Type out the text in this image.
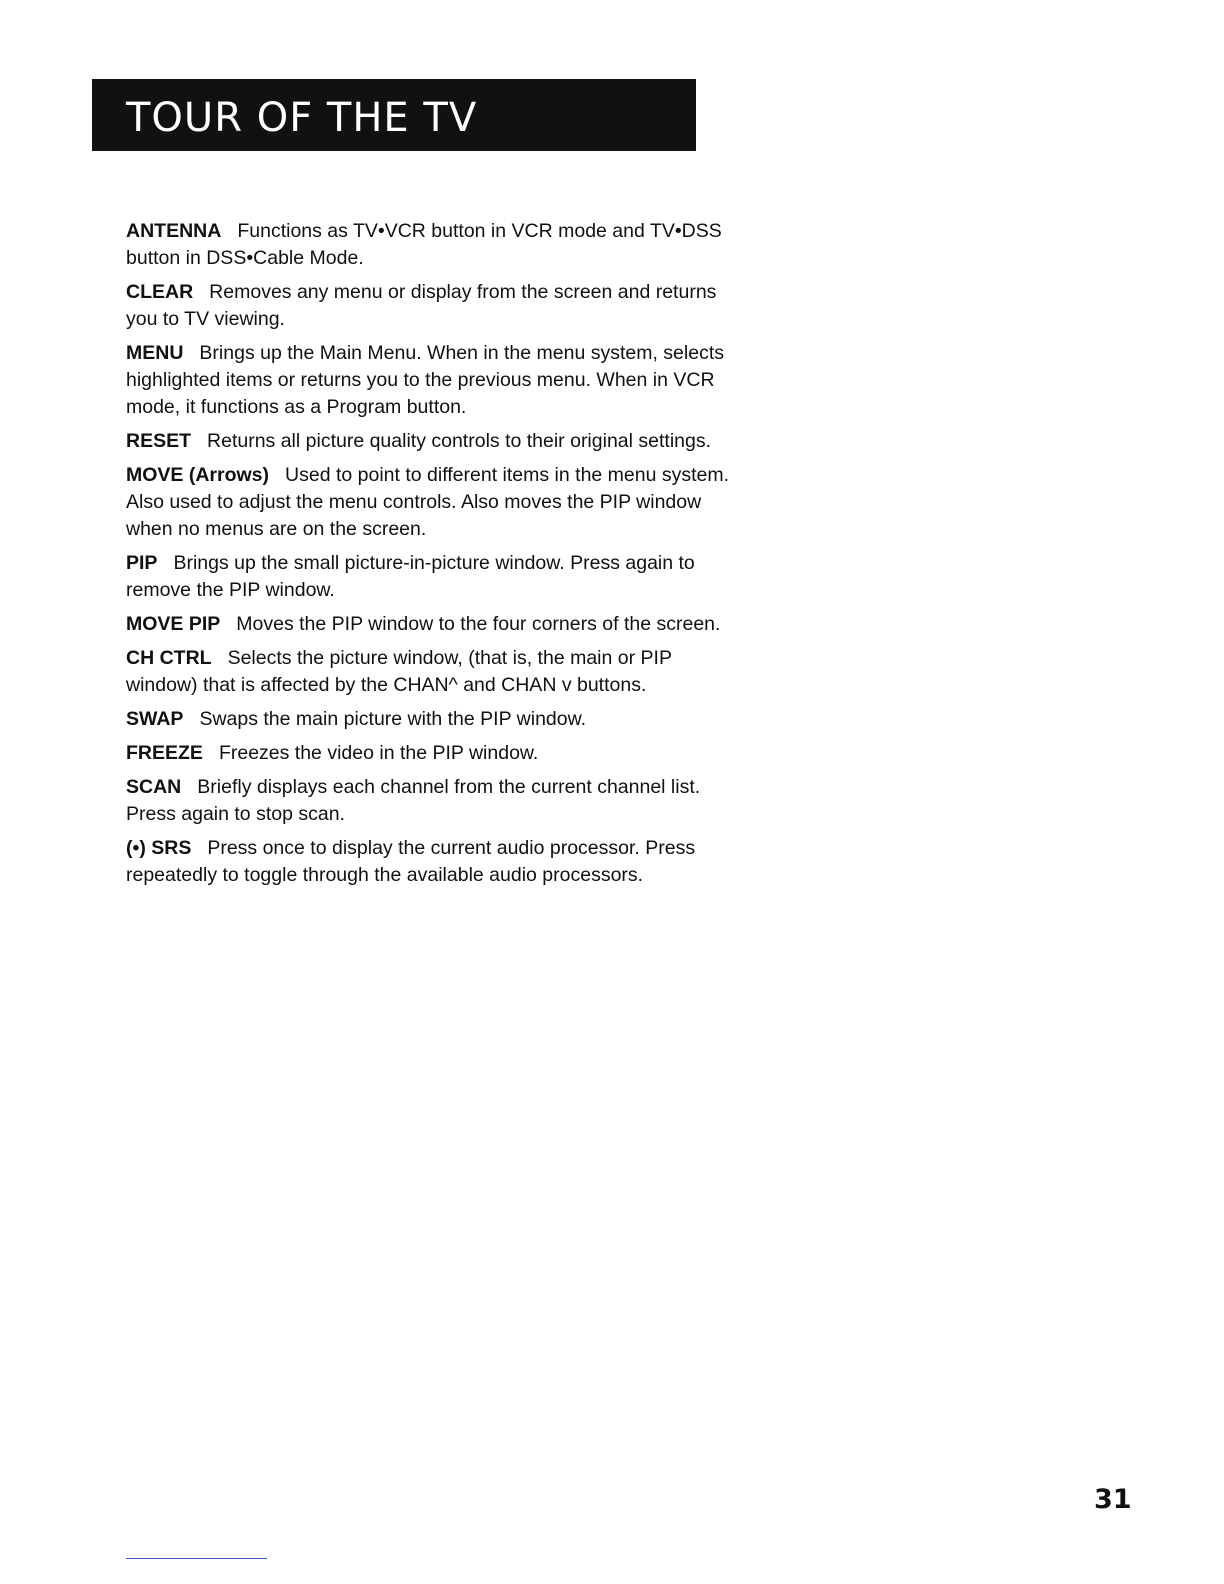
TOUR OF THE TV

ANTENNA Functions as TV•VCR button in VCR mode and TV•DSS button in DSS•Cable Mode.

CLEAR Removes any menu or display from the screen and returns you to TV viewing.

MENU Brings up the Main Menu. When in the menu system, selects highlighted items or returns you to the previous menu. When in VCR mode, it functions as a Program button.

RESET Returns all picture quality controls to their original settings.

MOVE (Arrows) Used to point to different items in the menu system. Also used to adjust the menu controls. Also moves the PIP window when no menus are on the screen.

PIP Brings up the small picture-in-picture window. Press again to remove the PIP window.

MOVE PIP Moves the PIP window to the four corners of the screen.

CH CTRL Selects the picture window, (that is, the main or PIP window) that is affected by the CHAN^ and CHAN v buttons.

SWAP Swaps the main picture with the PIP window.

FREEZE Freezes the video in the PIP window.

SCAN Briefly displays each channel from the current channel list. Press again to stop scan.

(•) SRS Press once to display the current audio processor. Press repeatedly to toggle through the available audio processors.

31
